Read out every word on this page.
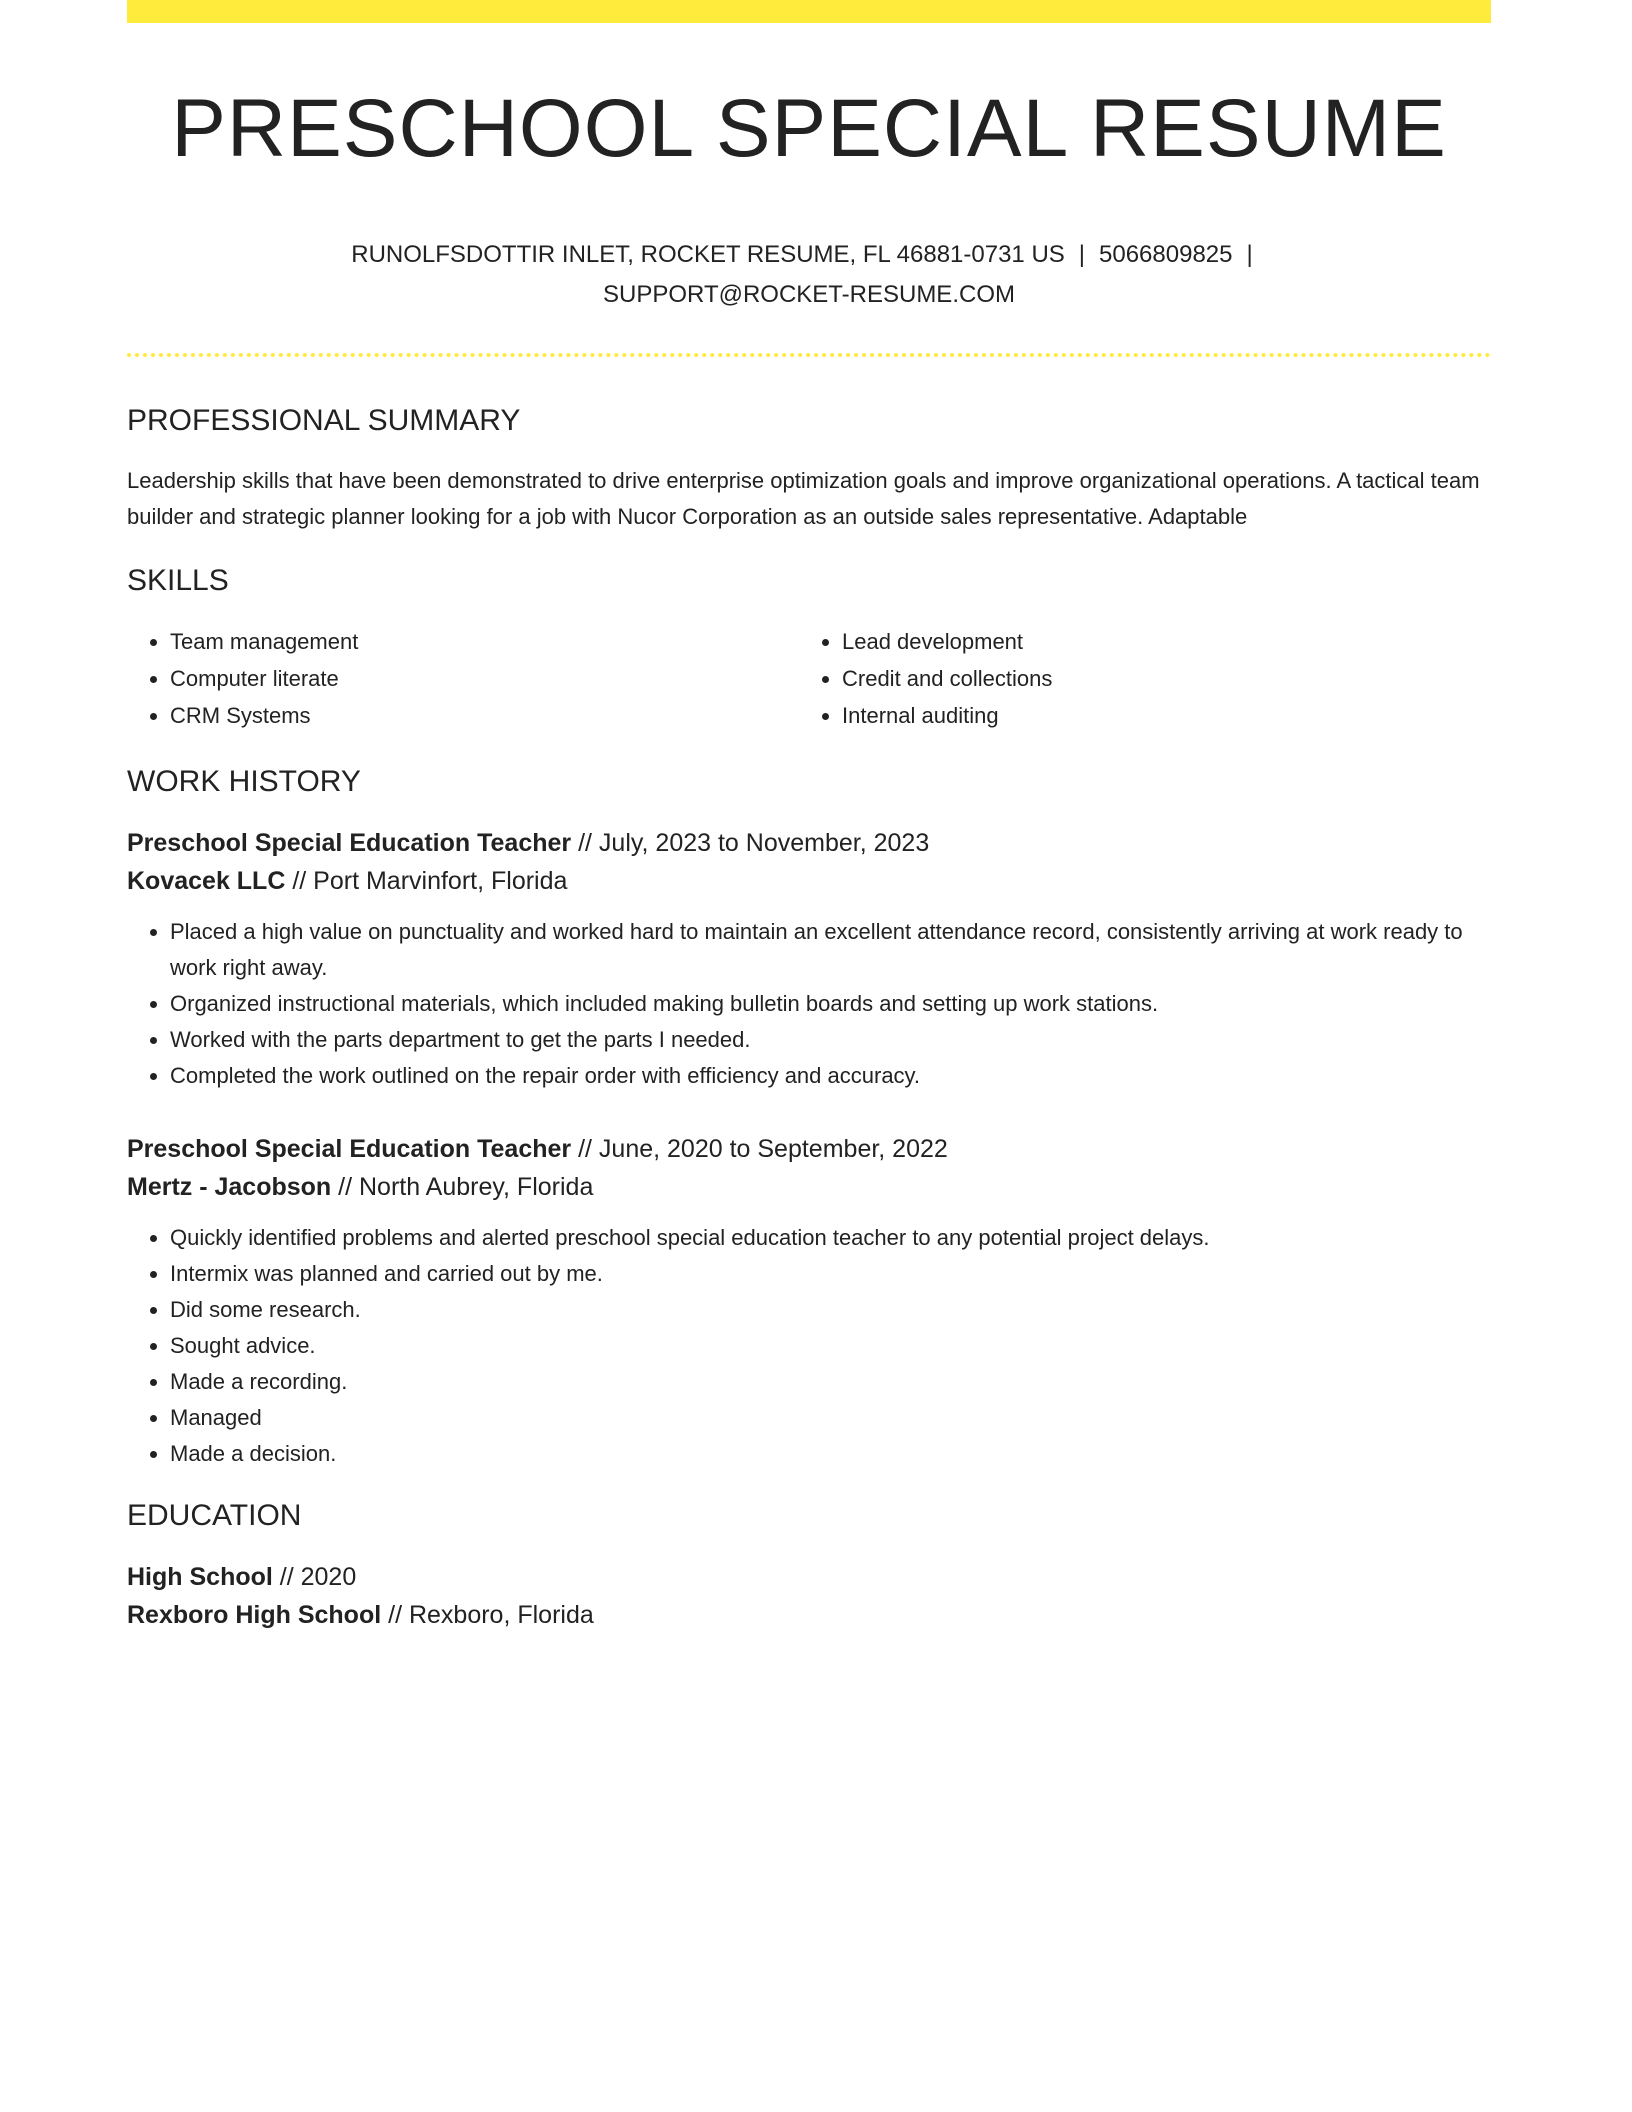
PRESCHOOL SPECIAL RESUME
RUNOLFSDOTTIR INLET, ROCKET RESUME, FL 46881-0731 US | 5066809825 |
SUPPORT@ROCKET-RESUME.COM
PROFESSIONAL SUMMARY

Leadership skills that have been demonstrated to drive enterprise optimization goals and improve organizational operations. A tactical team builder and strategic planner looking for a job with Nucor Corporation as an outside sales representative. Adaptable

SKILLS
• Team management
• Computer literate
• CRM Systems
• Lead development
• Credit and collections
• Internal auditing
WORK HISTORY
Preschool Special Education Teacher // July, 2023 to November, 2023
Kovacek LLC // Port Marvinfort, Florida
• Placed a high value on punctuality and worked hard to maintain an excellent attendance record, consistently arriving at work ready to work right away.
• Organized instructional materials, which included making bulletin boards and setting up work stations.
• Worked with the parts department to get the parts I needed.
• Completed the work outlined on the repair order with efficiency and accuracy.
Preschool Special Education Teacher // June, 2020 to September, 2022
Mertz - Jacobson // North Aubrey, Florida
• Quickly identified problems and alerted preschool special education teacher to any potential project delays.
• Intermix was planned and carried out by me.
• Did some research.
• Sought advice.
• Made a recording.
• Managed
• Made a decision.
EDUCATION
High School // 2020
Rexboro High School // Rexboro, Florida
